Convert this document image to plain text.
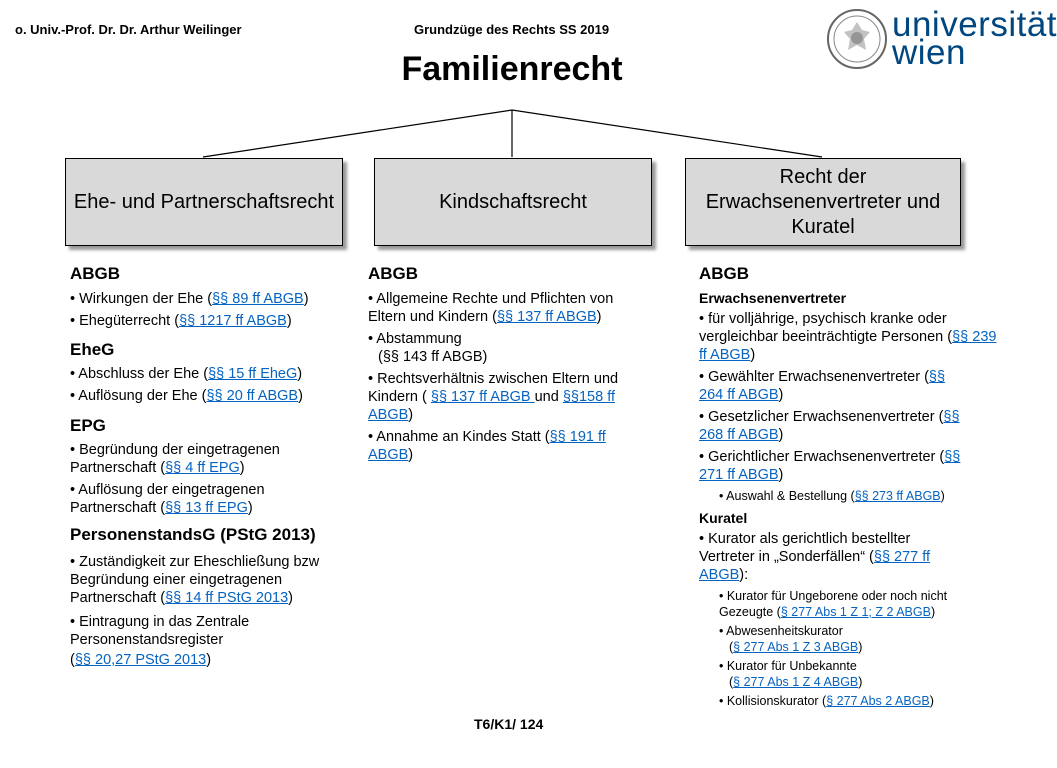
o. Univ.-Prof. Dr. Dr. Arthur Weilinger	Grundzüge des Rechts SS 2019	universität
wien
Familienrecht
Ehe- und Partnerschaftsrecht	Kindschaftsrecht
Recht der Erwachsenenvertreter und Kuratel
ABGB
• Wirkungen der Ehe (§§ 89 ff ABGB)
• Ehegüterrecht (§§ 1217 ff ABGB)
EheG
• Abschluss der Ehe (§§ 15 ff EheG)
• Auflösung der Ehe (§§ 20 ff ABGB)
EPG
• Begründung der eingetragenen Partnerschaft (§§ 4 ff EPG)
• Auflösung der eingetragenen Partnerschaft (§§ 13 ff EPG)
PersonenstandsG (PStG 2013)
• Zuständigkeit zur Eheschließung bzw Begründung einer eingetragenen Partnerschaft (§§ 14 ff PStG 2013)
• Eintragung in das Zentrale Personenstandsregister
(§§ 20,27 PStG 2013)
ABGB
• Allgemeine Rechte und Pflichten von Eltern und Kindern (§§ 137 ff ABGB)
• Abstammung
(§§ 143 ff ABGB)
• Rechtsverhältnis zwischen Eltern und Kindern ( §§ 137 ff ABGB und §§158 ff ABGB)
• Annahme an Kindes Statt (§§ 191 ff ABGB)
ABGB
Erwachsenenvertreter
• für volljährige, psychisch kranke oder vergleichbar beeinträchtigte Personen (§§ 239 ff ABGB)
• Gewählter Erwachsenenvertreter (§§ 264 ff ABGB)
• Gesetzlicher Erwachsenenvertreter (§§ 268 ff ABGB)
• Gerichtlicher Erwachsenenvertreter (§§ 271 ff ABGB)
• Auswahl & Bestellung (§§ 273 ff ABGB)
Kuratel
• Kurator als gerichtlich bestellter Vertreter in „Sonderfällen“ (§§ 277 ff ABGB):
• Kurator für Ungeborene oder noch nicht Gezeugte (§ 277 Abs 1 Z 1; Z 2 ABGB)
• Abwesenheitskurator
(§ 277 Abs 1 Z 3 ABGB)
• Kurator für Unbekannte
(§ 277 Abs 1 Z 4 ABGB)
• Kollisionskurator (§ 277 Abs 2 ABGB)
T6/K1/ 124
